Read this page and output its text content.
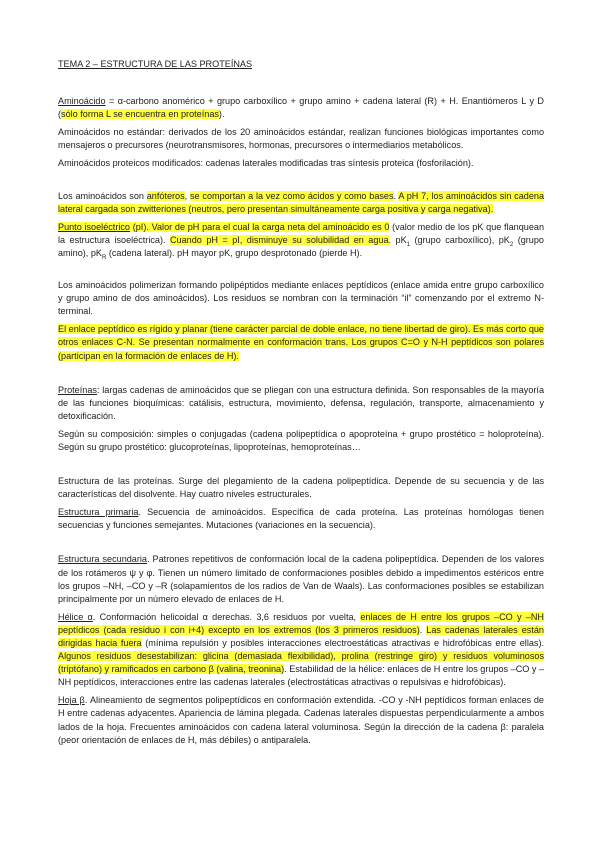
TEMA 2 – ESTRUCTURA DE LAS PROTEÍNAS

Aminoácido = α-carbono anomérico + grupo carboxílico + grupo amino + cadena lateral (R) + H. Enantiómeros L y D (sólo forma L se encuentra en proteínas).

Aminoácidos no estándar: derivados de los 20 aminoácidos estándar, realizan funciones biológicas importantes como mensajeros o precursores (neurotransmisores, hormonas, precursores o intermediarios metabólicos.

Aminoácidos proteicos modificados: cadenas laterales modificadas tras síntesis proteica (fosforilación).

Los aminoácidos son anfóteros, se comportan a la vez como ácidos y como bases. A pH 7, los aminoácidos sin cadena lateral cargada son zwitteriones (neutros, pero presentan simultáneamente carga positiva y carga negativa).

Punto isoeléctrico (pI). Valor de pH para el cual la carga neta del aminoácido es 0 (valor medio de los pK que flanquean la estructura isoeléctrica). Cuando pH = pI, disminuye su solubilidad en agua. $pK_1$ (grupo carboxílico), $pK_2$ (grupo amino), $pK_R$ (cadena lateral). pH mayor pK, grupo desprotonado (pierde H).

Los aminoácidos polimerizan formando polipéptidos mediante enlaces peptídicos (enlace amida entre grupo carboxílico y grupo amino de dos aminoácidos). Los residuos se nombran con la terminación “il” comenzando por el extremo N-terminal.

El enlace peptídico es rígido y planar (tiene carácter parcial de doble enlace, no tiene libertad de giro). Es más corto que otros enlaces C-N. Se presentan normalmente en conformación trans. Los grupos C=O y N-H peptídicos son polares (participan en la formación de enlaces de H).

Proteínas: largas cadenas de aminoácidos que se pliegan con una estructura definida. Son responsables de la mayoría de las funciones bioquímicas: catálisis, estructura, movimiento, defensa, regulación, transporte, almacenamiento y detoxificación.

Según su composición: simples o conjugadas (cadena polipeptídica o apoproteína + grupo prostético = holoproteína). Según su grupo prostético: glucoproteínas, lipoproteínas, hemoproteínas…

Estructura de las proteínas. Surge del plegamiento de la cadena polipeptídica. Depende de su secuencia y de las características del disolvente. Hay cuatro niveles estructurales.

Estructura primaria. Secuencia de aminoácidos. Específica de cada proteína. Las proteínas homólogas tienen secuencias y funciones semejantes. Mutaciones (variaciones en la secuencia).

Estructura secundaria. Patrones repetitivos de conformación local de la cadena polipeptídica. Dependen de los valores de los rotámeros ψ y φ. Tienen un número limitado de conformaciones posibles debido a impedimentos estéricos entre los grupos –NH, –CO y –R (solapamientos de los radios de Van de Waals). Las conformaciones posibles se estabilizan principalmente por un número elevado de enlaces de H.

Hélice α. Conformación helicoidal α derechas. 3,6 residuos por vuelta, enlaces de H entre los grupos –CO y –NH peptídicos (cada residuo i con i+4) excepto en los extremos (los 3 primeros residuos). Las cadenas laterales están dirigidas hacia fuera (mínima repulsión y posibles interacciones electroestáticas atractivas e hidrofóbicas entre ellas). Algunos residuos desestabilizan: glicina (demasiada flexibilidad), prolina (restringe giro) y residuos voluminosos (triptófano) y ramificados en carbono β (valina, treonina). Estabilidad de la hélice: enlaces de H entre los grupos –CO y –NH peptídicos, interacciones entre las cadenas laterales (electrostáticas atractivas o repulsivas e hidrofóbicas).

Hoja β. Alineamiento de segmentos polipeptídicos en conformación extendida. -CO y -NH peptídicos forman enlaces de H entre cadenas adyacentes. Apariencia de lámina plegada. Cadenas laterales dispuestas perpendicularmente a ambos lados de la hoja. Frecuentes aminoácidos con cadena lateral voluminosa. Según la dirección de la cadena β: paralela (peor orientación de enlaces de H, más débiles) o antiparalela.
